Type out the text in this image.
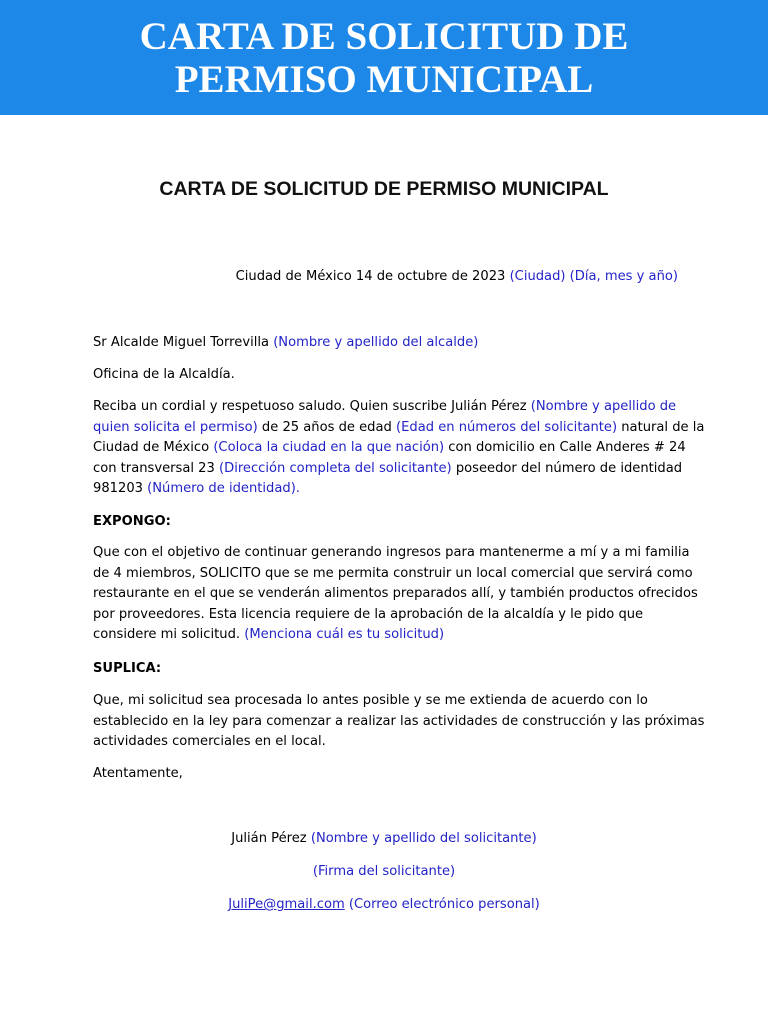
CARTA DE SOLICITUD DE
PERMISO MUNICIPAL
CARTA DE SOLICITUD DE PERMISO MUNICIPAL

Ciudad de México 14 de octubre de 2023 (Ciudad) (Día, mes y año)

Sr Alcalde Miguel Torrevilla (Nombre y apellido del alcalde)

Oficina de la Alcaldía.

Reciba un cordial y respetuoso saludo. Quien suscribe Julián Pérez (Nombre y apellido de
quien solicita el permiso) de 25 años de edad (Edad en números del solicitante) natural de la
Ciudad de México (Coloca la ciudad en la que nación) con domicilio en Calle Anderes # 24
con transversal 23 (Dirección completa del solicitante) poseedor del número de identidad
981203 (Número de identidad).

EXPONGO:

Que con el objetivo de continuar generando ingresos para mantenerme a mí y a mi familia
de 4 miembros, SOLICITO que se me permita construir un local comercial que servirá como
restaurante en el que se venderán alimentos preparados allí, y también productos ofrecidos
por proveedores. Esta licencia requiere de la aprobación de la alcaldía y le pido que
considere mi solicitud. (Menciona cuál es tu solicitud)

SUPLICA:

Que, mi solicitud sea procesada lo antes posible y se me extienda de acuerdo con lo
establecido en la ley para comenzar a realizar las actividades de construcción y las próximas
actividades comerciales en el local.

Atentamente,

Julián Pérez (Nombre y apellido del solicitante)
(Firma del solicitante)
JuliPe@gmail.com (Correo electrónico personal)
